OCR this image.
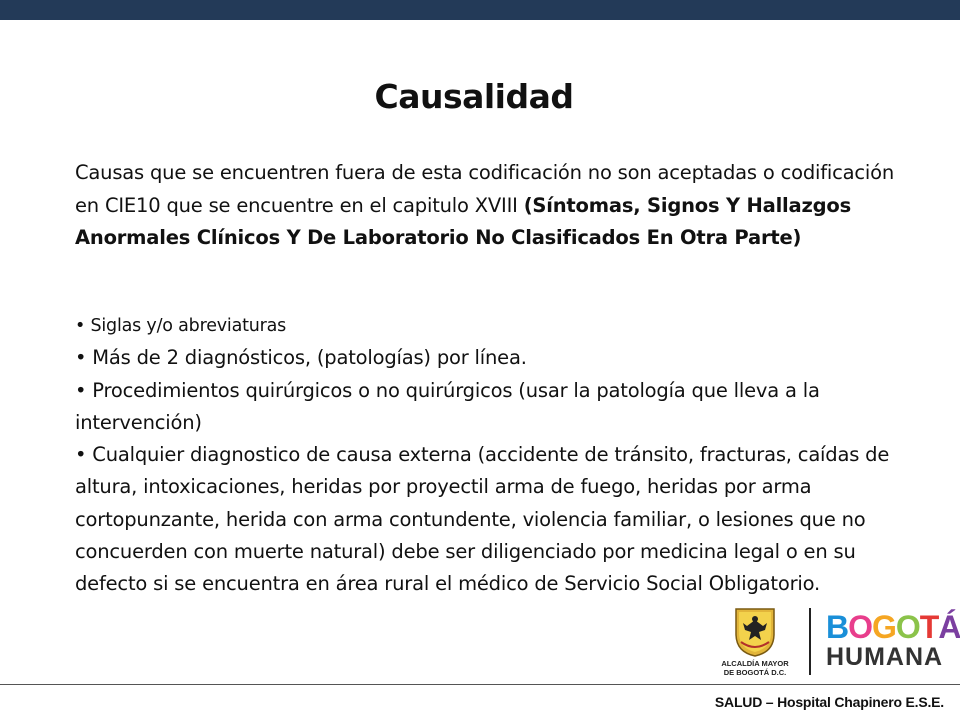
Causalidad

Causas que se encuentren fuera de esta codificación no son aceptadas o codificación en CIE10 que se encuentre en el capitulo XVIII (Síntomas, Signos Y Hallazgos Anormales Clínicos Y De Laboratorio No Clasificados En Otra Parte)

• Siglas y/o abreviaturas

• Más de 2 diagnósticos, (patologías) por línea.

• Procedimientos quirúrgicos o no quirúrgicos (usar la patología que lleva a la intervención)

• Cualquier diagnostico de causa externa (accidente de tránsito, fracturas, caídas de altura, intoxicaciones, heridas por proyectil arma de fuego, heridas por arma cortopunzante, herida con arma contundente, violencia familiar, o lesiones que no concuerden con muerte natural) debe ser diligenciado por medicina legal o en su defecto si se encuentra en área rural el médico de Servicio Social Obligatorio.

ALCALDÍA MAYOR
DE BOGOTÁ D.C.
BOGOTÁ
HUMANA
SALUD – Hospital Chapinero E.S.E.
